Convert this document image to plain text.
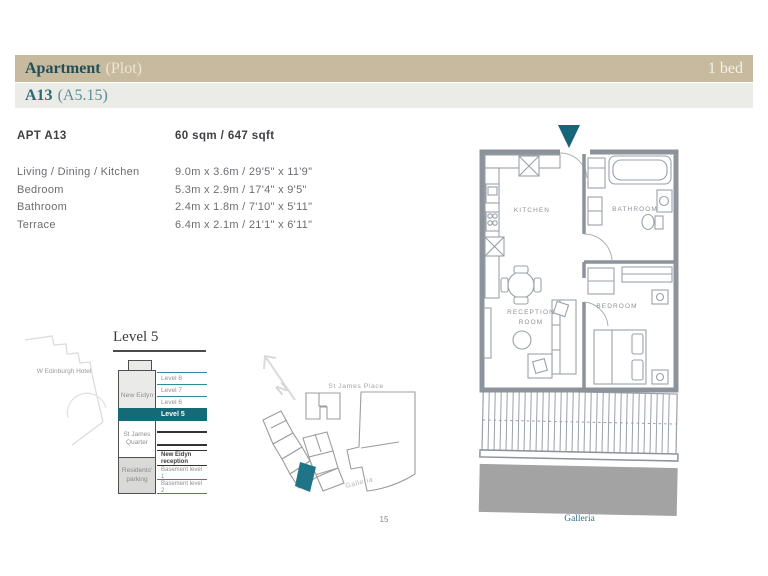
Apartment (Plot)	1 bed
A13 (A5.15)
APT A13	60 sqm / 647 sqft
Living / Dining / Kitchen	9.0m x 3.6m / 29'5" x 11'9"
Bedroom	5.3m x 2.9m / 17'4" x 9'5"
Bathroom	2.4m x 1.8m / 7'10" x 5'11"
Terrace	6.4m x 2.1m / 21'1" x 6'11"
W Edinburgh Hotel
Level 5
New Eidyn
Level 8
Level 7
Level 6
Level 5
St James Quarter
New Eidyn reception
Residents' parking
Basement level 1
Basement level 2
N	St James Place
Galleria
KITCHEN	BATHROOM
RECEPTION ROOM
BEDROOM
Galleria
15
